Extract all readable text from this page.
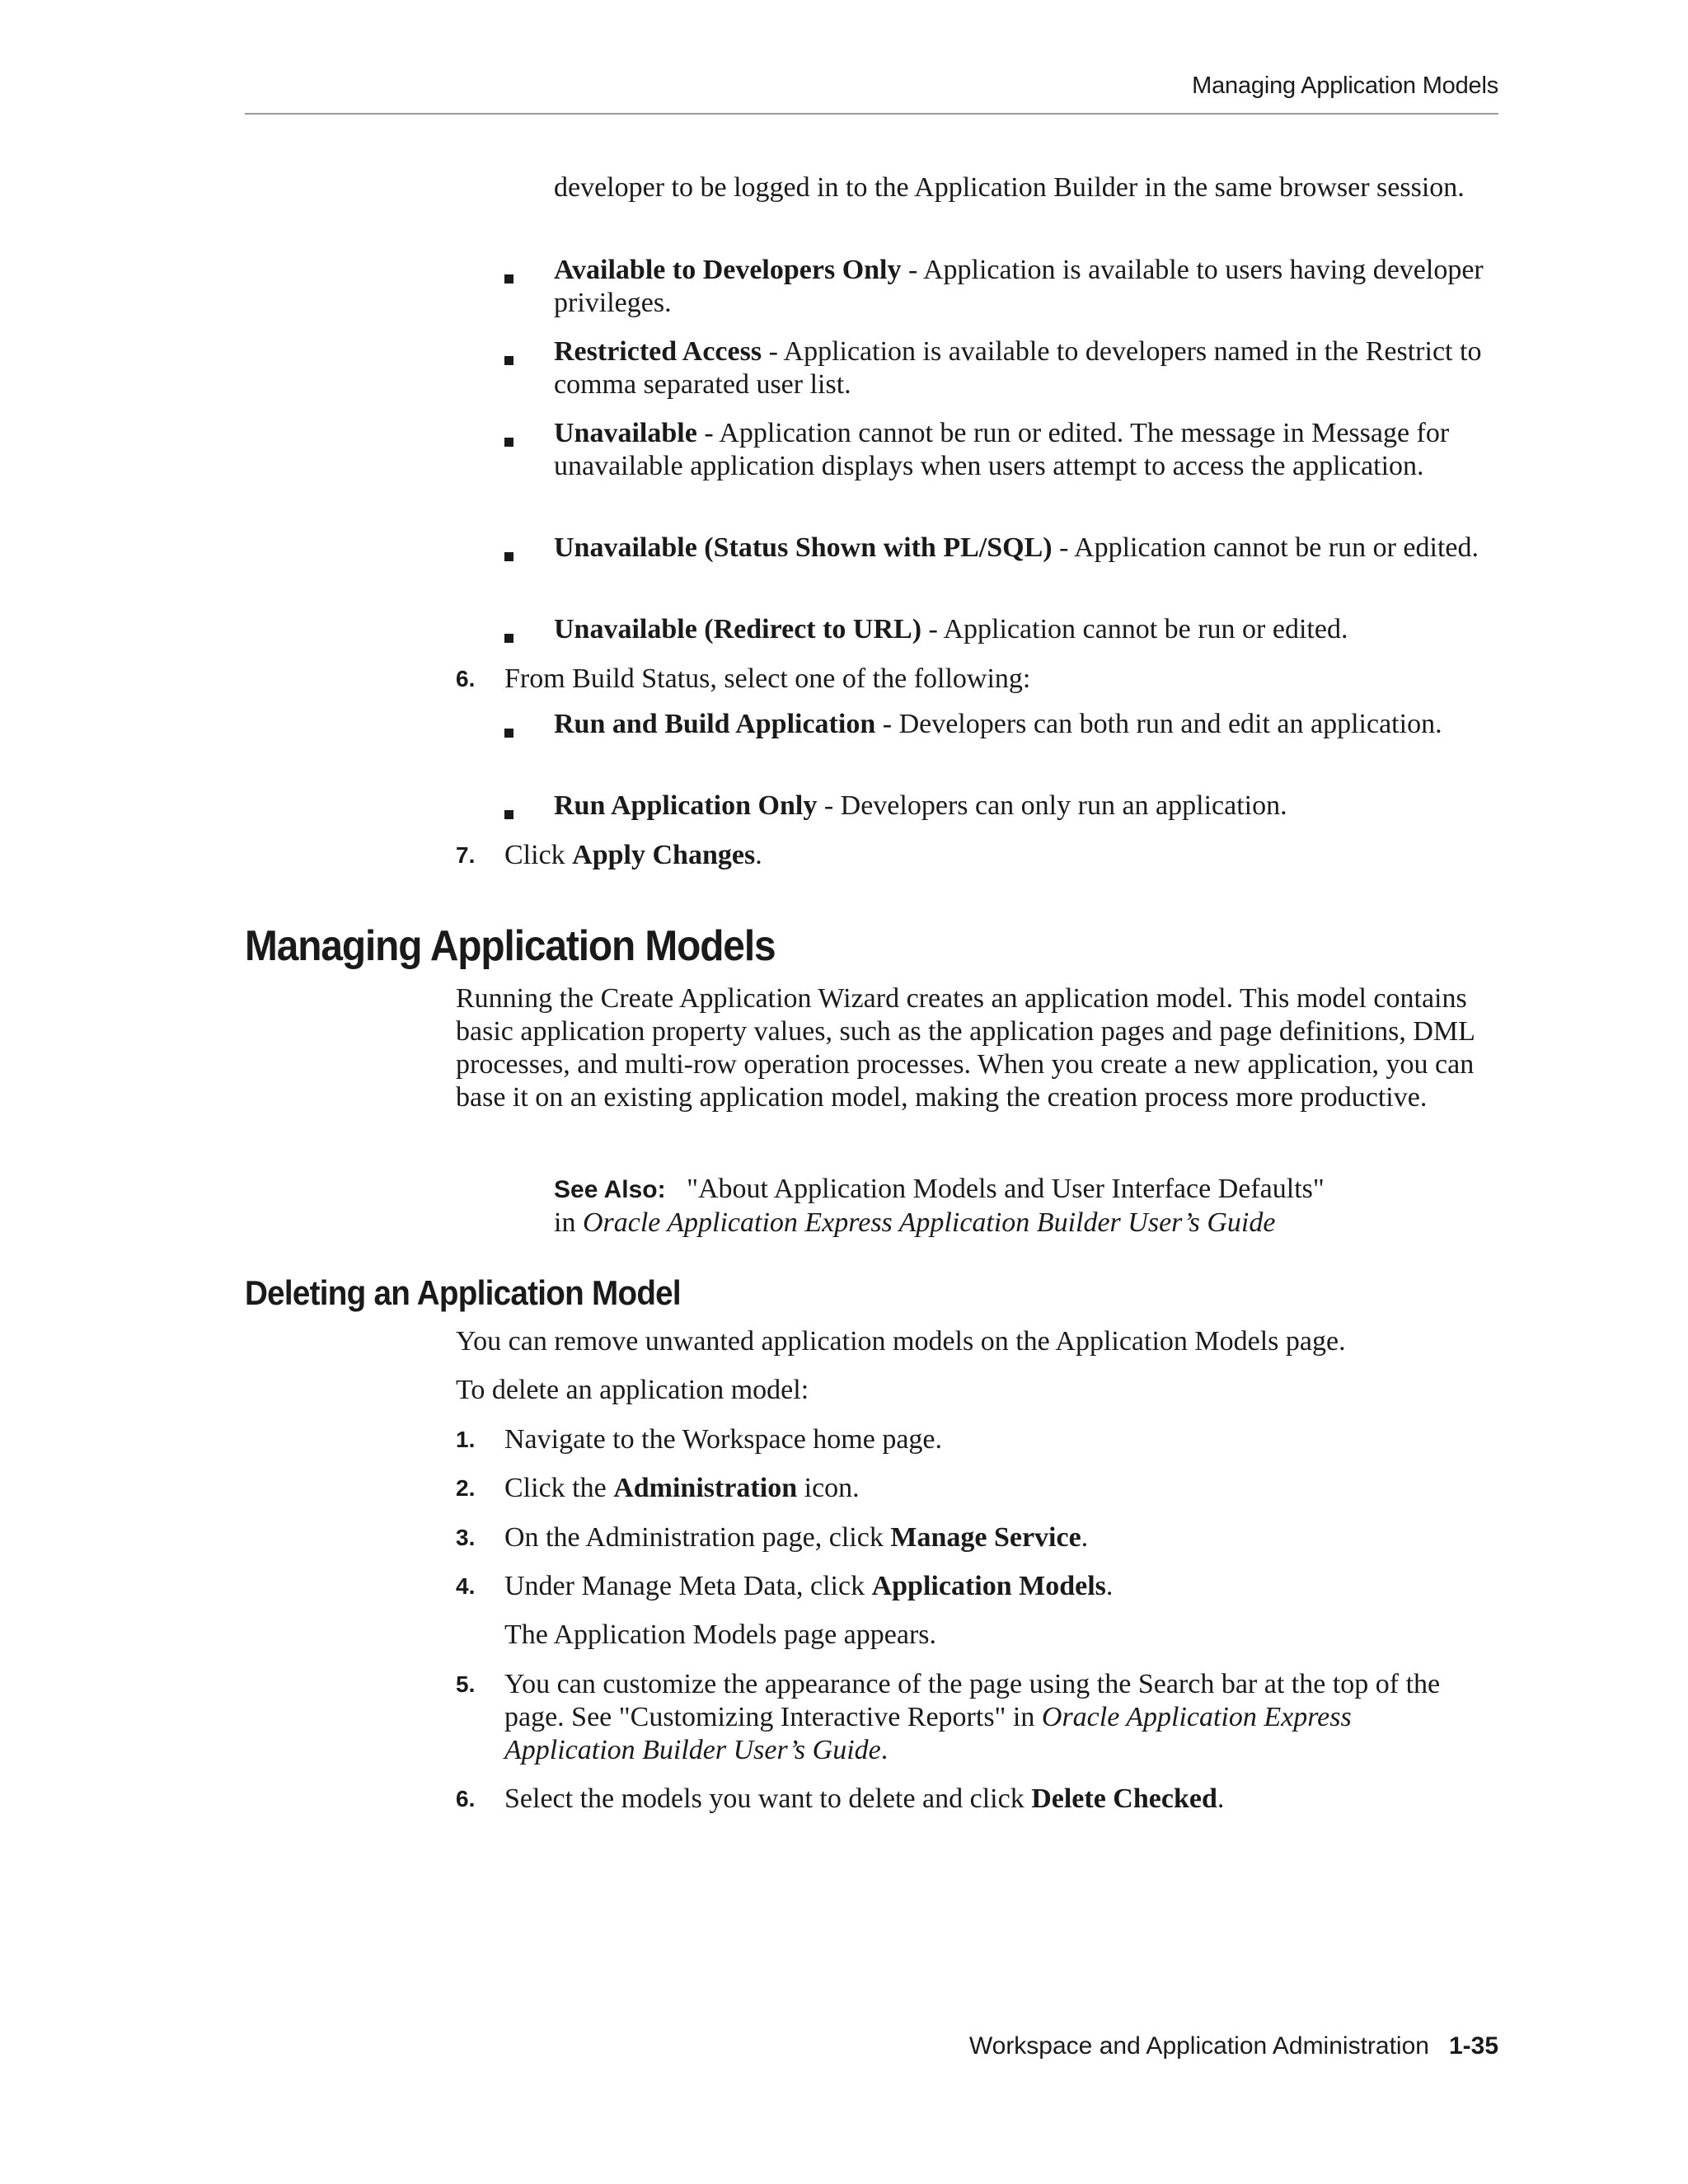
Managing Application Models
developer to be logged in to the Application Builder in the same browser session.
Available to Developers Only - Application is available to users having developer privileges.
Restricted Access - Application is available to developers named in the Restrict to comma separated user list.
Unavailable - Application cannot be run or edited. The message in Message for unavailable application displays when users attempt to access the application.
Unavailable (Status Shown with PL/SQL) - Application cannot be run or edited.
Unavailable (Redirect to URL) - Application cannot be run or edited.
6. From Build Status, select one of the following:
Run and Build Application - Developers can both run and edit an application.
Run Application Only - Developers can only run an application.
7. Click Apply Changes.
Managing Application Models
Running the Create Application Wizard creates an application model. This model contains basic application property values, such as the application pages and page definitions, DML processes, and multi-row operation processes. When you create a new application, you can base it on an existing application model, making the creation process more productive.
See Also: "About Application Models and User Interface Defaults"
in Oracle Application Express Application Builder User’s Guide
Deleting an Application Model
You can remove unwanted application models on the Application Models page.
To delete an application model:
1. Navigate to the Workspace home page.
2. Click the Administration icon.
3. On the Administration page, click Manage Service.
4. Under Manage Meta Data, click Application Models.
The Application Models page appears.
5. You can customize the appearance of the page using the Search bar at the top of the page. See "Customizing Interactive Reports" in Oracle Application Express Application Builder User’s Guide.
6. Select the models you want to delete and click Delete Checked.
Workspace and Application Administration 1-35
